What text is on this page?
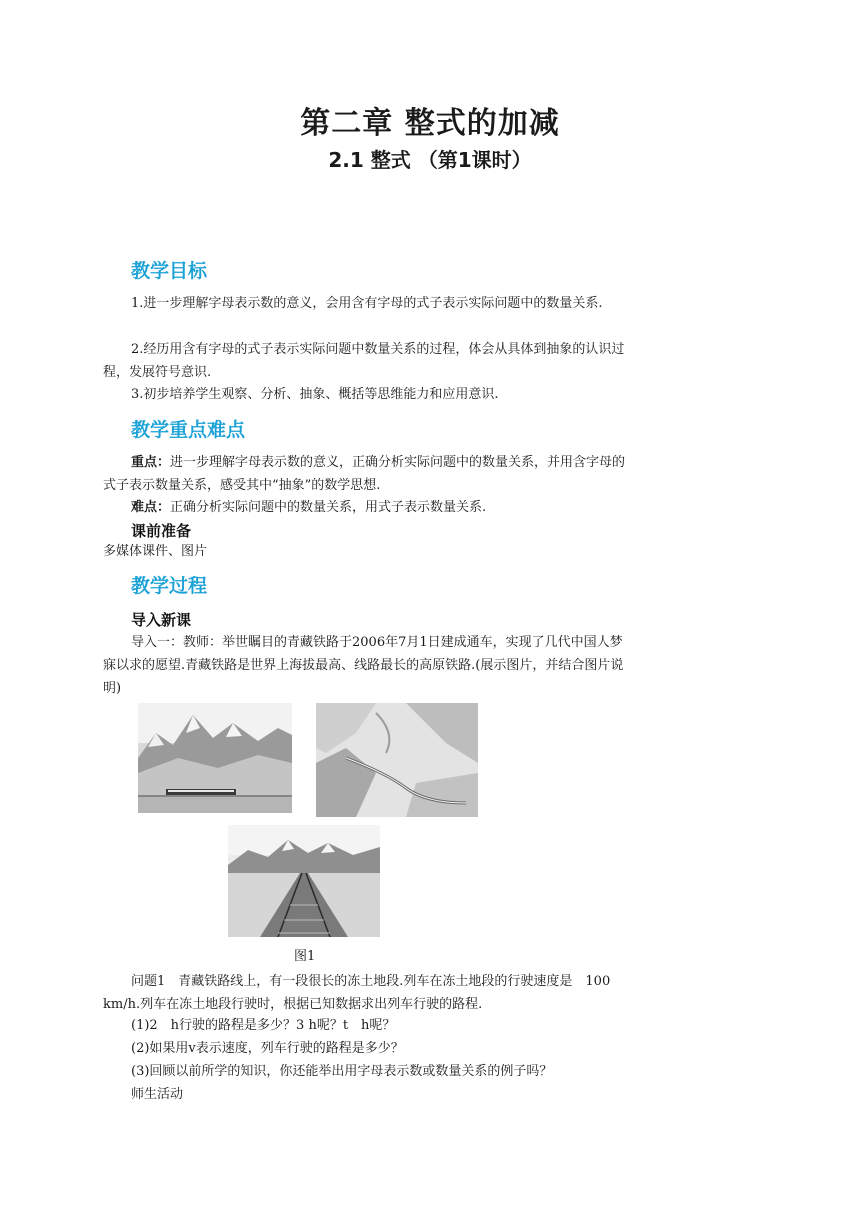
第二章 整式的加减
2.1 整式 （第1课时）
教学目标
1.进一步理解字母表示数的意义，会用含有字母的式子表示实际问题中的数量关系.
2.经历用含有字母的式子表示实际问题中数量关系的过程，体会从具体到抽象的认识过程，发展符号意识.
3.初步培养学生观察、分析、抽象、概括等思维能力和应用意识.
教学重点难点
重点：进一步理解字母表示数的意义，正确分析实际问题中的数量关系，并用含字母的式子表示数量关系，感受其中“抽象”的数学思想.
难点：正确分析实际问题中的数量关系，用式子表示数量关系.
课前准备
多媒体课件、图片
教学过程
导入新课
导入一：教师：举世瞩目的青藏铁路于2006年7月1日建成通车，实现了几代中国人梦寐以求的愿望.青藏铁路是世界上海拔最高、线路最长的高原铁路.(展示图片，并结合图片说明)
图1
问题1　青藏铁路线上，有一段很长的冻土地段.列车在冻土地段的行驶速度是　100 km/h.列车在冻土地段行驶时，根据已知数据求出列车行驶的路程.
(1)2　h行驶的路程是多少？3 h呢？t　h呢？
(2)如果用v表示速度，列车行驶的路程是多少？
(3)回顾以前所学的知识，你还能举出用字母表示数或数量关系的例子吗？
师生活动
